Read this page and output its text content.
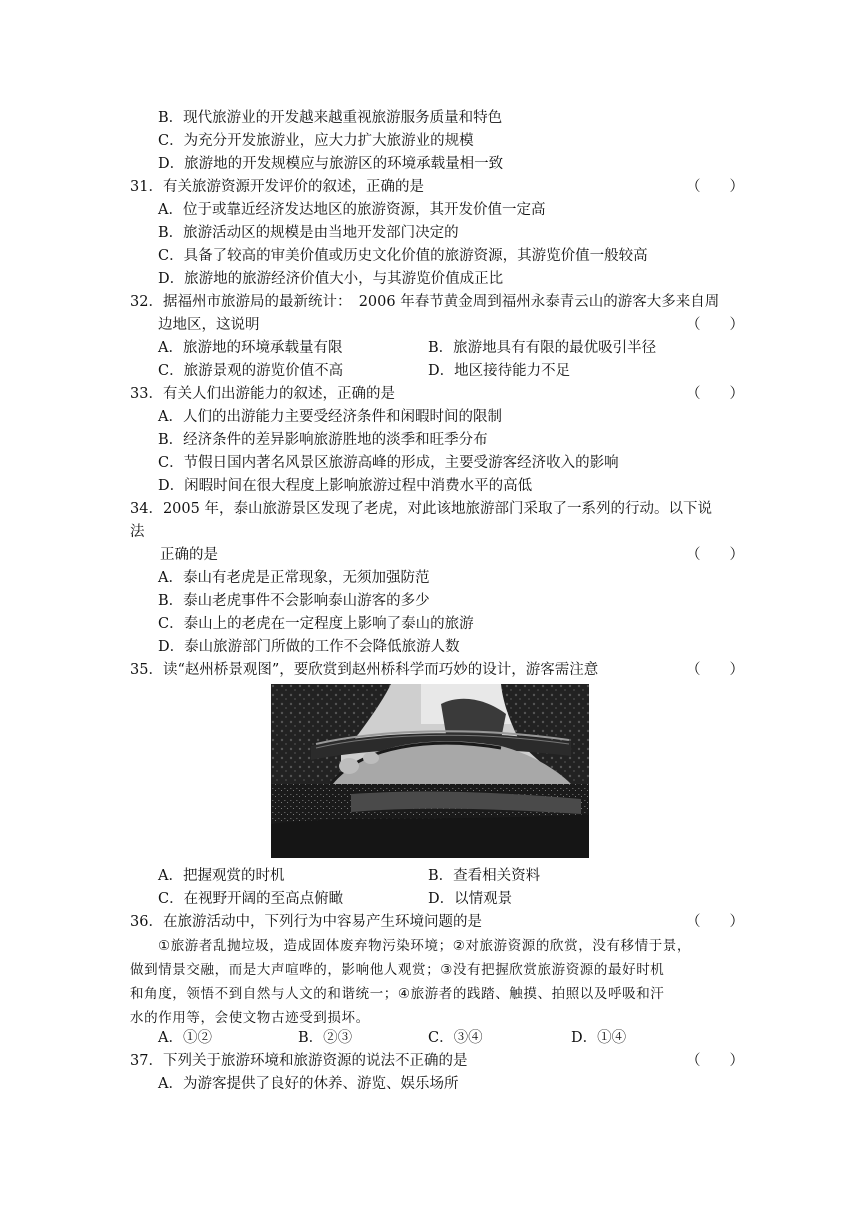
B．现代旅游业的开发越来越重视旅游服务质量和特色
C．为充分开发旅游业，应大力扩大旅游业的规模
D．旅游地的开发规模应与旅游区的环境承载量相一致
31．有关旅游资源开发评价的叙述，正确的是	（　　）
A．位于或靠近经济发达地区的旅游资源，其开发价值一定高
B．旅游活动区的规模是由当地开发部门决定的
C．具备了较高的审美价值或历史文化价值的旅游资源，其游览价值一般较高
D．旅游地的旅游经济价值大小，与其游览价值成正比
32．据福州市旅游局的最新统计：　2006 年春节黄金周到福州永泰青云山的游客大多来自周
边地区，这说明	（　　）
A．旅游地的环境承载量有限	B．旅游地具有有限的最优吸引半径
C．旅游景观的游览价值不高	D．地区接待能力不足
33．有关人们出游能力的叙述，正确的是	（　　）
A．人们的出游能力主要受经济条件和闲暇时间的限制
B．经济条件的差异影响旅游胜地的淡季和旺季分布
C．节假日国内著名风景区旅游高峰的形成，主要受游客经济收入的影响
D．闲暇时间在很大程度上影响旅游过程中消费水平的高低
34．2005 年，泰山旅游景区发现了老虎，对此该地旅游部门采取了一系列的行动。以下说
法
正确的是	（　　）
A．泰山有老虎是正常现象，无须加强防范
B．泰山老虎事件不会影响泰山游客的多少
C．泰山上的老虎在一定程度上影响了泰山的旅游
D．泰山旅游部门所做的工作不会降低旅游人数
35．读“赵州桥景观图”，要欣赏到赵州桥科学而巧妙的设计，游客需注意	（　　）
A．把握观赏的时机	B．查看相关资料
C．在视野开阔的至高点俯瞰	D．以情观景
36．在旅游活动中，下列行为中容易产生环境问题的是	（　　）
①旅游者乱抛垃圾，造成固体废弃物污染环境；②对旅游资源的欣赏，没有移情于景，
做到情景交融，而是大声喧哗的，影响他人观赏；③没有把握欣赏旅游资源的最好时机
和角度，领悟不到自然与人文的和谐统一；④旅游者的践踏、触摸、拍照以及呼吸和汗
水的作用等，会使文物古迹受到损坏。
A．①②	B．②③	C．③④	D．①④
37．下列关于旅游环境和旅游资源的说法不正确的是	（　　）
A．为游客提供了良好的休养、游览、娱乐场所
